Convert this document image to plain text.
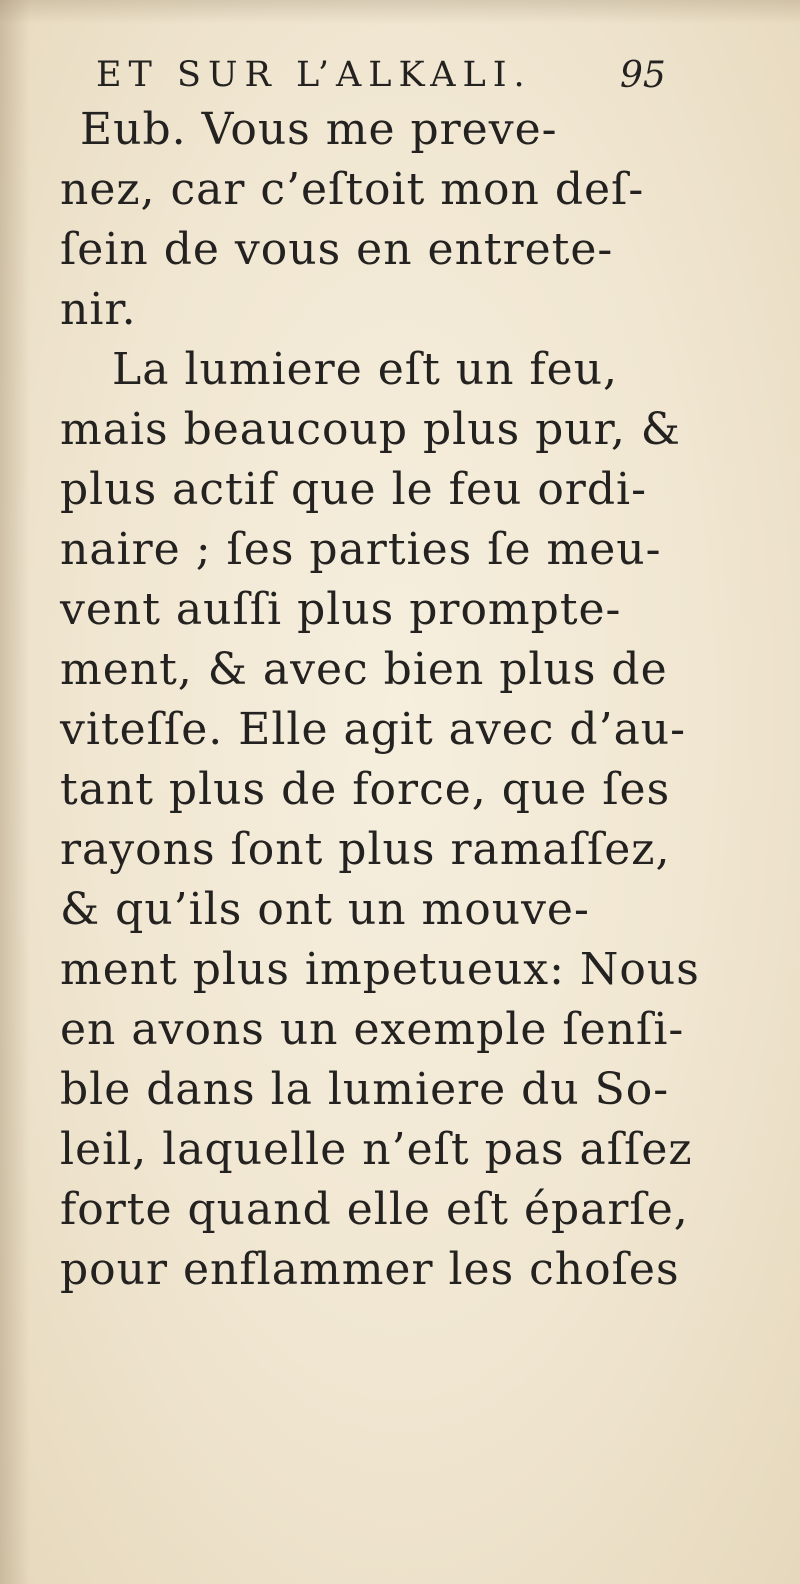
ET SUR L’ALKALI. 95
Eub. Vous me preve-
nez, car c’eſtoit mon deſ-
ſein de vous en entrete-
nir.
La lumiere eſt un feu,
mais beaucoup plus pur, &
plus actif que le feu ordi-
naire ; ſes parties ſe meu-
vent auſſi plus prompte-
ment, & avec bien plus de
viteſſe. Elle agit avec d’au-
tant plus de force, que ſes
rayons ſont plus ramaſſez,
& qu’ils ont un mouve-
ment plus impetueux: Nous
en avons un exemple ſenſi-
ble dans la lumiere du So-
leil, laquelle n’eſt pas aſſez
forte quand elle eſt éparſe,
pour enflammer les choſes
